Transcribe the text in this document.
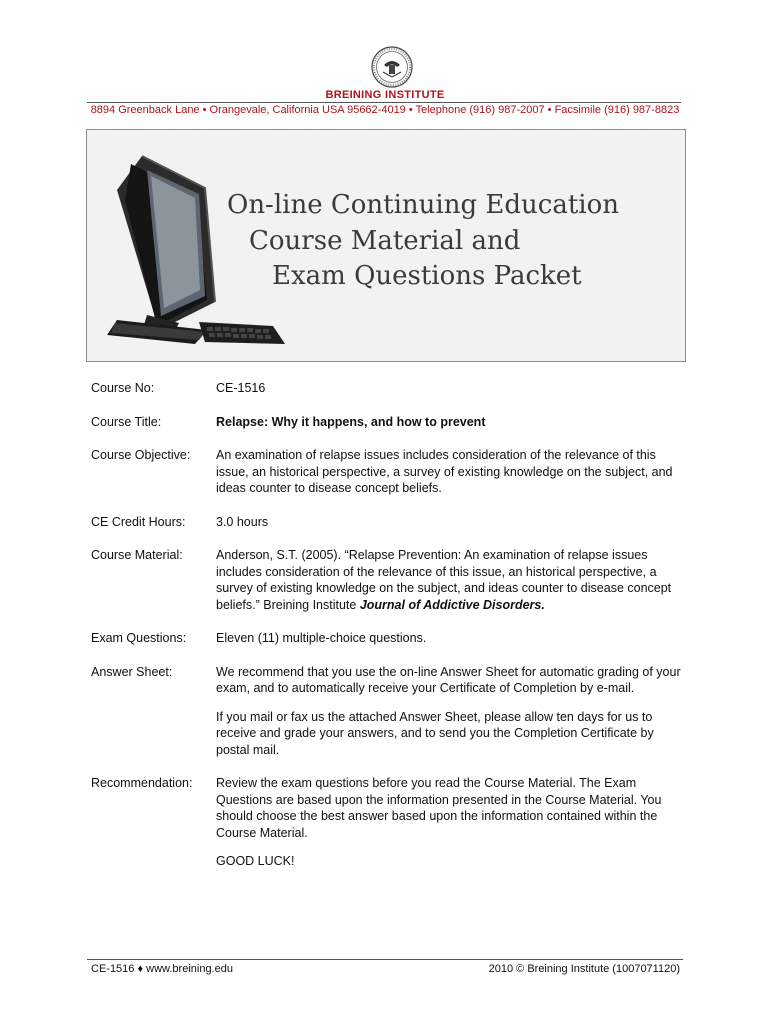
BREINING INSTITUTE
8894 Greenback Lane • Orangevale, California USA 95662-4019 • Telephone (916) 987-2007 • Facsimile (916) 987-8823
On-line Continuing Education
Course Material and
Exam Questions Packet
Course No:	CE-1516
Course Title:	Relapse: Why it happens, and how to prevent
Course Objective:	An examination of relapse issues includes consideration of the relevance of this issue, an historical perspective, a survey of existing knowledge on the subject, and ideas counter to disease concept beliefs.
CE Credit Hours:	3.0 hours
Course Material:	Anderson, S.T. (2005). “Relapse Prevention: An examination of relapse issues includes consideration of the relevance of this issue, an historical perspective, a survey of existing knowledge on the subject, and ideas counter to disease concept beliefs.” Breining Institute Journal of Addictive Disorders.
Exam Questions:	Eleven (11) multiple-choice questions.
Answer Sheet:	We recommend that you use the on-line Answer Sheet for automatic grading of your exam, and to automatically receive your Certificate of Completion by e-mail.

If you mail or fax us the attached Answer Sheet, please allow ten days for us to receive and grade your answers, and to send you the Completion Certificate by postal mail.

Recommendation:	Review the exam questions before you read the Course Material. The Exam Questions are based upon the information presented in the Course Material. You should choose the best answer based upon the information contained within the Course Material.

GOOD LUCK!

CE-1516 ♦ www.breining.edu	2010 © Breining Institute (1007071120)
